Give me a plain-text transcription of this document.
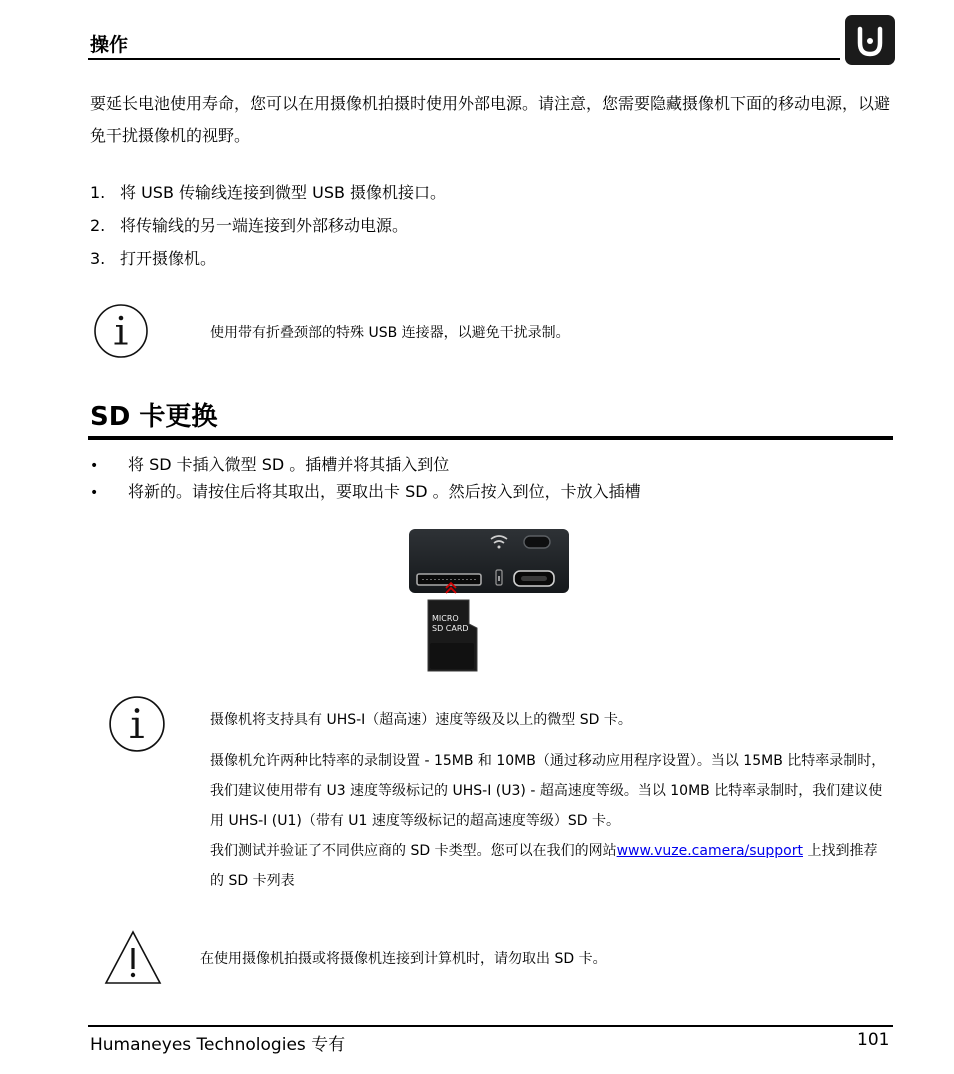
操作
要延长电池使用寿命，您可以在用摄像机拍摄时使用外部电源。请注意，您需要隐藏摄像机下面的移动电源，以避免干扰摄像机的视野。
1. 将 USB 传输线连接到微型 USB 摄像机接口。
2. 将传输线的另一端连接到外部移动电源。
3. 打开摄像机。
使用带有折叠颈部的特殊 USB 连接器，以避免干扰录制。
SD 卡更换
• 将 SD 卡插入微型 SD 。插槽并将其插入到位
• 将新的。请按住后将其取出，要取出卡 SD 。然后按入到位，卡放入插槽
MICRO
SD CARD
摄像机将支持具有 UHS-I（超高速）速度等级及以上的微型 SD 卡。
摄像机允许两种比特率的录制设置 - 15MB 和 10MB（通过移动应用程序设置）。当以 15MB 比特率录制时，我们建议使用带有 U3 速度等级标记的 UHS-I (U3) - 超高速度等级。当以 10MB 比特率录制时，我们建议使用 UHS-I (U1)（带有 U1 速度等级标记的超高速度等级）SD 卡。
我们测试并验证了不同供应商的 SD 卡类型。您可以在我们的网站www.vuze.camera/support 上找到推荐的 SD 卡列表
在使用摄像机拍摄或将摄像机连接到计算机时，请勿取出 SD 卡。
Humaneyes Technologies 专有	101
